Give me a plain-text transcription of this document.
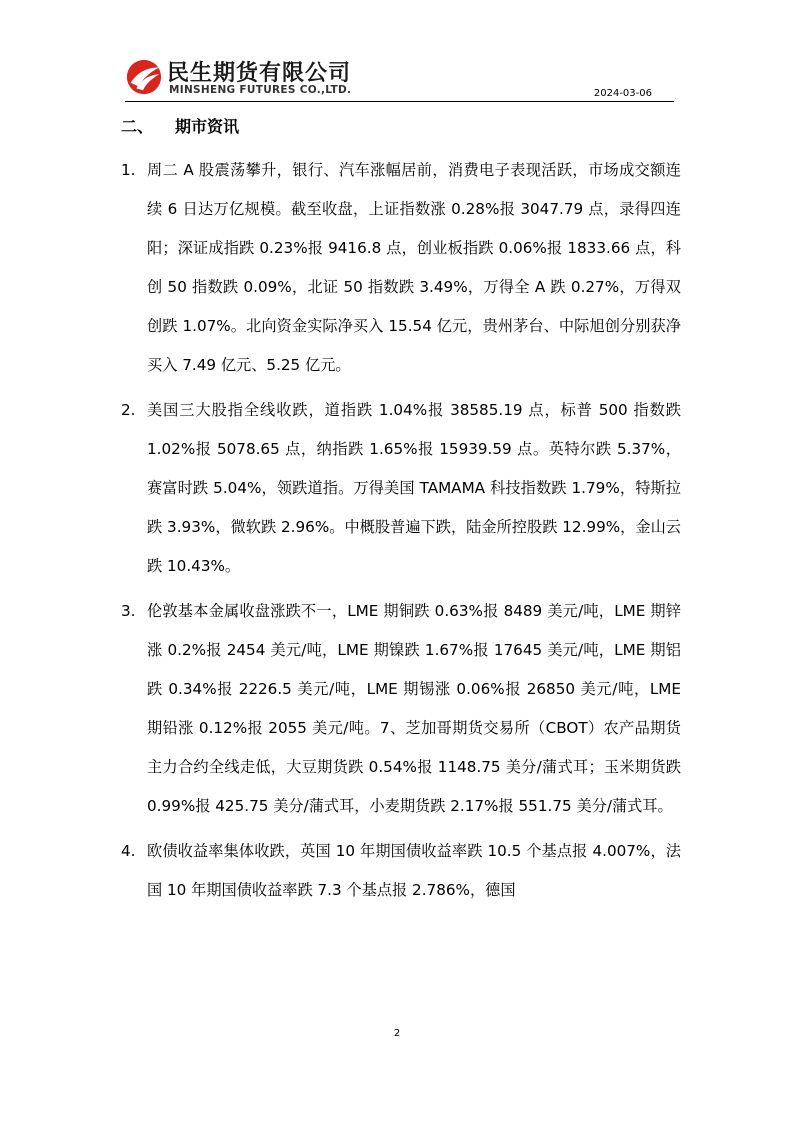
民生期货有限公司
MINSHENG FUTURES CO.,LTD.	2024-03-06
二、 期市资讯
1. 周二 A 股震荡攀升，银行、汽车涨幅居前，消费电子表现活跃，市场成交额连续 6 日达万亿规模。截至收盘，上证指数涨 0.28%报 3047.79 点，录得四连阳；深证成指跌 0.23%报 9416.8 点，创业板指跌 0.06%报 1833.66 点，科创 50 指数跌 0.09%，北证 50 指数跌 3.49%，万得全 A 跌 0.27%，万得双创跌 1.07%。北向资金实际净买入 15.54 亿元，贵州茅台、中际旭创分别获净买入 7.49 亿元、5.25 亿元。
2. 美国三大股指全线收跌，道指跌 1.04%报 38585.19 点，标普 500 指数跌 1.02%报 5078.65 点，纳指跌 1.65%报 15939.59 点。英特尔跌 5.37%，赛富时跌 5.04%，领跌道指。万得美国 TAMAMA 科技指数跌 1.79%，特斯拉跌 3.93%，微软跌 2.96%。中概股普遍下跌，陆金所控股跌 12.99%，金山云跌 10.43%。
3. 伦敦基本金属收盘涨跌不一，LME 期铜跌 0.63%报 8489 美元/吨，LME 期锌涨 0.2%报 2454 美元/吨，LME 期镍跌 1.67%报 17645 美元/吨，LME 期铝跌 0.34%报 2226.5 美元/吨，LME 期锡涨 0.06%报 26850 美元/吨，LME 期铅涨 0.12%报 2055 美元/吨。7、芝加哥期货交易所（CBOT）农产品期货主力合约全线走低，大豆期货跌 0.54%报 1148.75 美分/蒲式耳；玉米期货跌 0.99%报 425.75 美分/蒲式耳，小麦期货跌 2.17%报 551.75 美分/蒲式耳。
4. 欧债收益率集体收跌，英国 10 年期国债收益率跌 10.5 个基点报 4.007%，法国 10 年期国债收益率跌 7.3 个基点报 2.786%，德国
2
